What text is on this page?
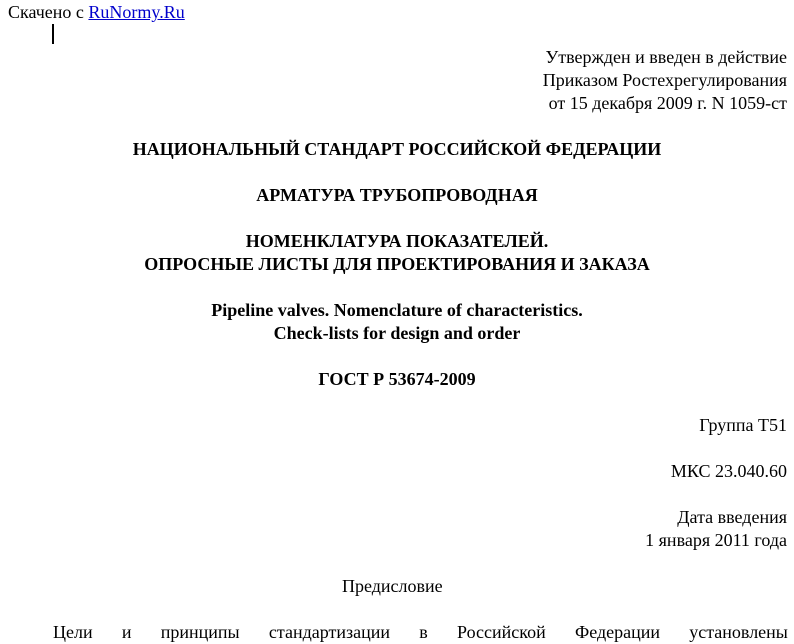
Скачено с RuNormy.Ru
Утвержден и введен в действие
Приказом Ростехрегулирования
от 15 декабря 2009 г. N 1059-ст
НАЦИОНАЛЬНЫЙ СТАНДАРТ РОССИЙСКОЙ ФЕДЕРАЦИИ
АРМАТУРА ТРУБОПРОВОДНАЯ
НОМЕНКЛАТУРА ПОКАЗАТЕЛЕЙ.
ОПРОСНЫЕ ЛИСТЫ ДЛЯ ПРОЕКТИРОВАНИЯ И ЗАКАЗА
Pipeline valves. Nomenclature of characteristics.
Check-lists for design and order
ГОСТ Р 53674-2009
Группа Т51
МКС 23.040.60
Дата введения
1 января 2011 года
Предисловие
Цели и принципы стандартизации в Российской Федерации установлены
